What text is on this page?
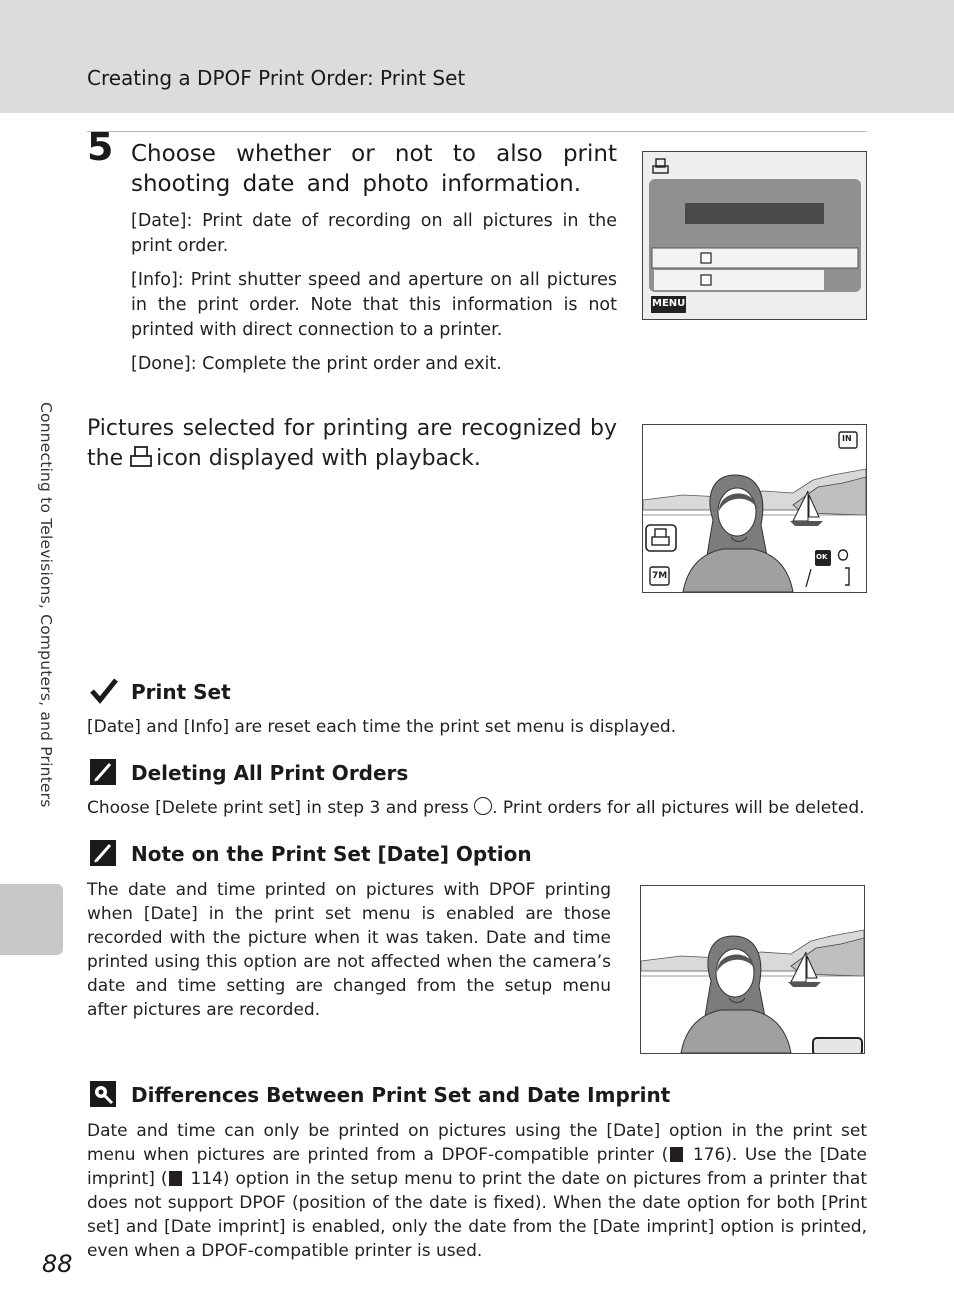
Creating a DPOF Print Order: Print Set
Connecting to Televisions, Computers, and Printers
5 Choose whether or not to also print shooting date and photo information.
[Date]: Print date of recording on all pictures in the print order.
[Info]: Print shutter speed and aperture on all pictures in the print order. Note that this information is not printed with direct connection to a printer.
[Done]: Complete the print order and exit.
MENU
Pictures selected for printing are recognized by the icon displayed with playback.
IN
7M
OK
Print Set
[Date] and [Info] are reset each time the print set menu is displayed.
Deleting All Print Orders
Choose [Delete print set] in step 3 and press . Print orders for all pictures will be deleted.
Note on the Print Set [Date] Option
The date and time printed on pictures with DPOF printing when [Date] in the print set menu is enabled are those recorded with the picture when it was taken. Date and time printed using this option are not affected when the camera’s date and time setting are changed from the setup menu after pictures are recorded.
Differences Between Print Set and Date Imprint
Date and time can only be printed on pictures using the [Date] option in the print set menu when pictures are printed from a DPOF-compatible printer ( 176). Use the [Date imprint] ( 114) option in the setup menu to print the date on pictures from a printer that does not support DPOF (position of the date is fixed). When the date option for both [Print set] and [Date imprint] is enabled, only the date from the [Date imprint] option is printed, even when a DPOF-compatible printer is used.
88
